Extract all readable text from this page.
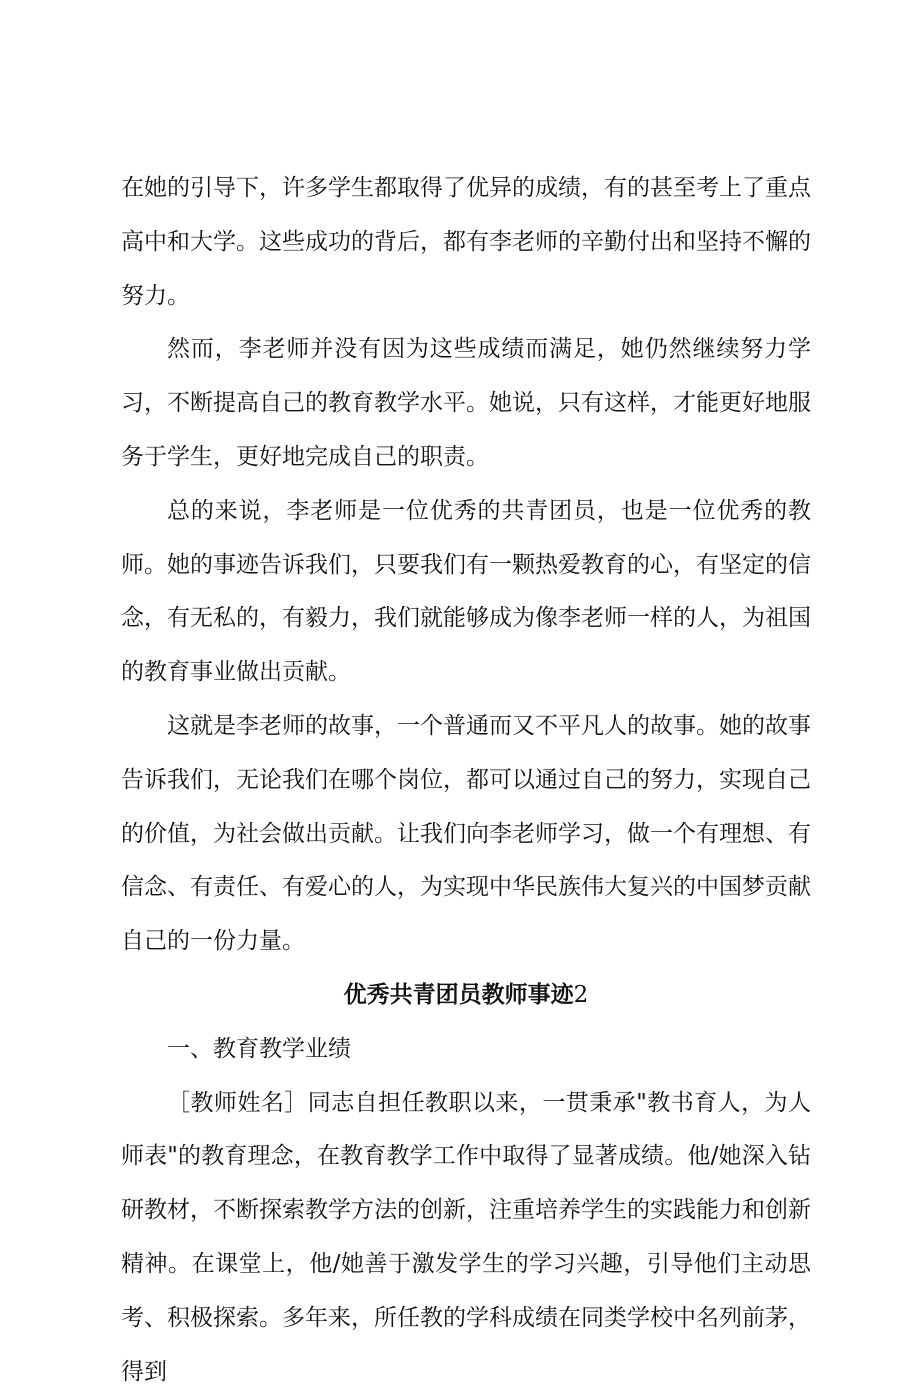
在她的引导下，许多学生都取得了优异的成绩，有的甚至考上了重点高中和大学。这些成功的背后，都有李老师的辛勤付出和坚持不懈的努力。

然而，李老师并没有因为这些成绩而满足，她仍然继续努力学习，不断提高自己的教育教学水平。她说，只有这样，才能更好地服务于学生，更好地完成自己的职责。

总的来说，李老师是一位优秀的共青团员，也是一位优秀的教师。她的事迹告诉我们，只要我们有一颗热爱教育的心，有坚定的信念，有无私的，有毅力，我们就能够成为像李老师一样的人，为祖国的教育事业做出贡献。

这就是李老师的故事，一个普通而又不平凡人的故事。她的故事告诉我们，无论我们在哪个岗位，都可以通过自己的努力，实现自己的价值，为社会做出贡献。让我们向李老师学习，做一个有理想、有信念、有责任、有爱心的人，为实现中华民族伟大复兴的中国梦贡献自己的一份力量。

优秀共青团员教师事迹2

一、教育教学业绩

［教师姓名］同志自担任教职以来，一贯秉承"教书育人，为人师表"的教育理念，在教育教学工作中取得了显著成绩。他/她深入钻研教材，不断探索教学方法的创新，注重培养学生的实践能力和创新精神。在课堂上，他/她善于激发学生的学习兴趣，引导他们主动思考、积极探索。多年来，所任教的学科成绩在同类学校中名列前茅，得到
